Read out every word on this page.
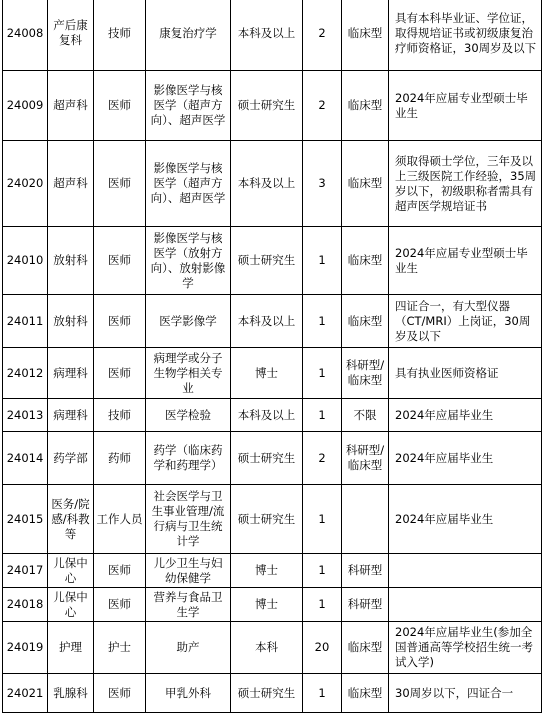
24008	产后康复科	技师	康复治疗学	本科及以上	2	临床型	具有本科毕业证、学位证，取得规培证书或初级康复治疗师资格证，30周岁及以下
24009	超声科	医师	影像医学与核医学（超声方向）、超声医学	硕士研究生	2	临床型	2024年应届专业型硕士毕业生
24020	超声科	医师	影像医学与核医学（超声方向）、超声医学	本科及以上	3	临床型	须取得硕士学位，三年及以上三级医院工作经验，35周岁以下，初级职称者需具有超声医学规培证书
24010	放射科	医师	影像医学与核医学（放射方向）、放射影像学	硕士研究生	1	临床型	2024年应届专业型硕士毕业生
24011	放射科	医师	医学影像学	本科及以上	1	临床型	四证合一，有大型仪器（CT/MRI）上岗证，30周岁及以下
24012	病理科	医师	病理学或分子生物学相关专业	博士	1	科研型/临床型	具有执业医师资格证
24013	病理科	技师	医学检验	本科及以上	1	不限	2024年应届毕业生
24014	药学部	药师	药学（临床药学和药理学）	硕士研究生	2	科研型/临床型	2024年应届毕业生
24015	医务/院感/科教等	工作人员	社会医学与卫生事业管理/流行病与卫生统计学	硕士研究生	1		2024年应届毕业生
24017	儿保中心	医师	儿少卫生与妇幼保健学	博士	1	科研型	
24018	儿保中心	医师	营养与食品卫生学	博士	1	科研型	
24019	护理	护士	助产	本科	20	临床型	2024年应届毕业生(参加全国普通高等学校招生统一考试入学)
24021	乳腺科	医师	甲乳外科	硕士研究生	1	临床型	30周岁以下，四证合一
